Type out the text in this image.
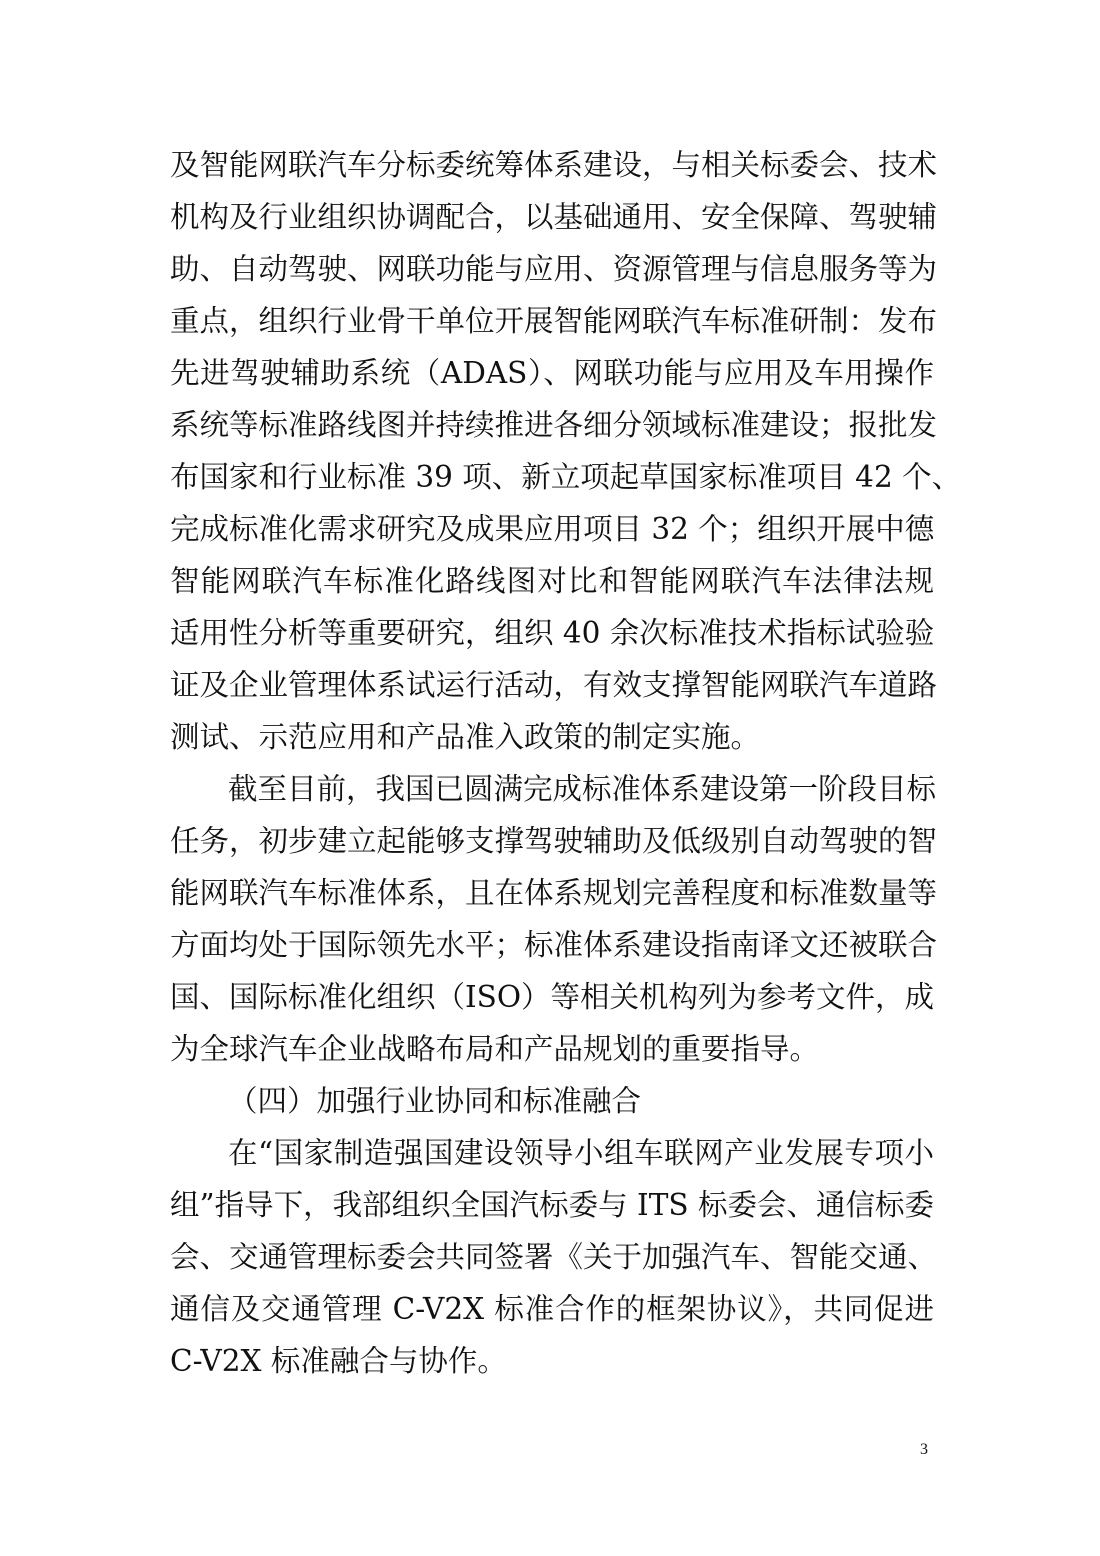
及智能网联汽车分标委统筹体系建设，与相关标委会、技术
机构及行业组织协调配合，以基础通用、安全保障、驾驶辅
助、自动驾驶、网联功能与应用、资源管理与信息服务等为
重点，组织行业骨干单位开展智能网联汽车标准研制：发布
先进驾驶辅助系统（ADAS）、网联功能与应用及车用操作
系统等标准路线图并持续推进各细分领域标准建设；报批发
布国家和行业标准 39 项、新立项起草国家标准项目 42 个、
完成标准化需求研究及成果应用项目 32 个；组织开展中德
智能网联汽车标准化路线图对比和智能网联汽车法律法规
适用性分析等重要研究，组织 40 余次标准技术指标试验验
证及企业管理体系试运行活动，有效支撑智能网联汽车道路
测试、示范应用和产品准入政策的制定实施。
截至目前，我国已圆满完成标准体系建设第一阶段目标
任务，初步建立起能够支撑驾驶辅助及低级别自动驾驶的智
能网联汽车标准体系，且在体系规划完善程度和标准数量等
方面均处于国际领先水平；标准体系建设指南译文还被联合
国、国际标准化组织（ISO）等相关机构列为参考文件，成
为全球汽车企业战略布局和产品规划的重要指导。
（四）加强行业协同和标准融合
在“国家制造强国建设领导小组车联网产业发展专项小
组”指导下，我部组织全国汽标委与 ITS 标委会、通信标委
会、交通管理标委会共同签署《关于加强汽车、智能交通、
通信及交通管理 C-V2X 标准合作的框架协议》，共同促进
C-V2X 标准融合与协作。
3
